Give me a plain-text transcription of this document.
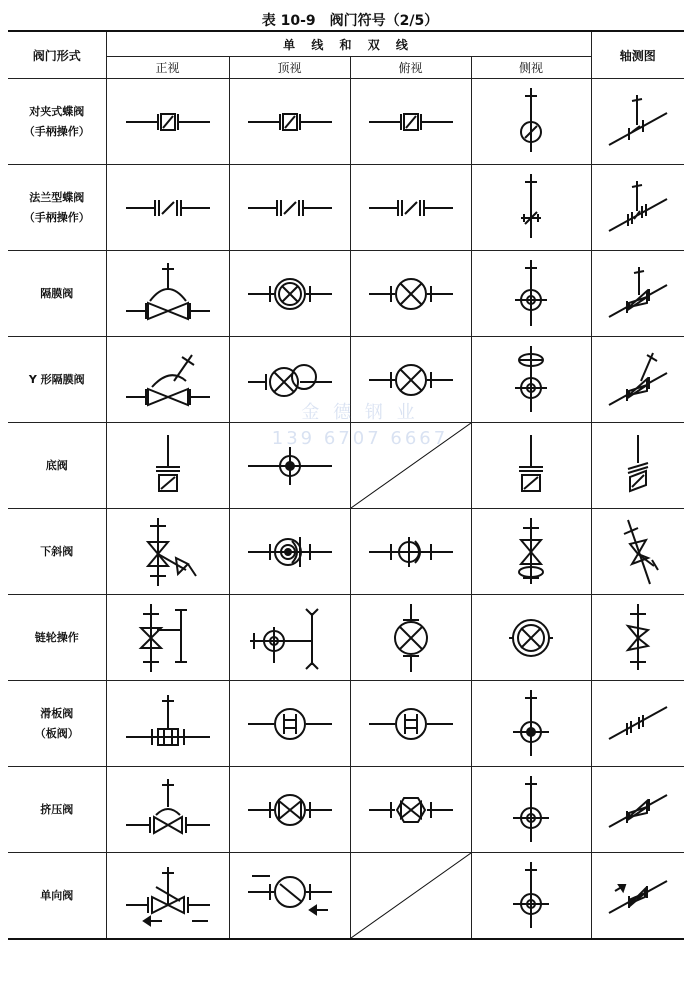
表 10-9　阀门符号（2/5）
阀门形式	单 线 和 双 线				轴测图
	正视	顶视	俯视	侧视	
对夹式蝶阀
（手柄操作）	

法兰型蝶阀
（手柄操作）	

隔膜阀	

Y 形隔膜阀	

底阀	

下斜阀	

链轮操作	

滑板阀
（板阀）	

挤压阀	

单向阀	

金 德 钢 业
139 6707 6667
